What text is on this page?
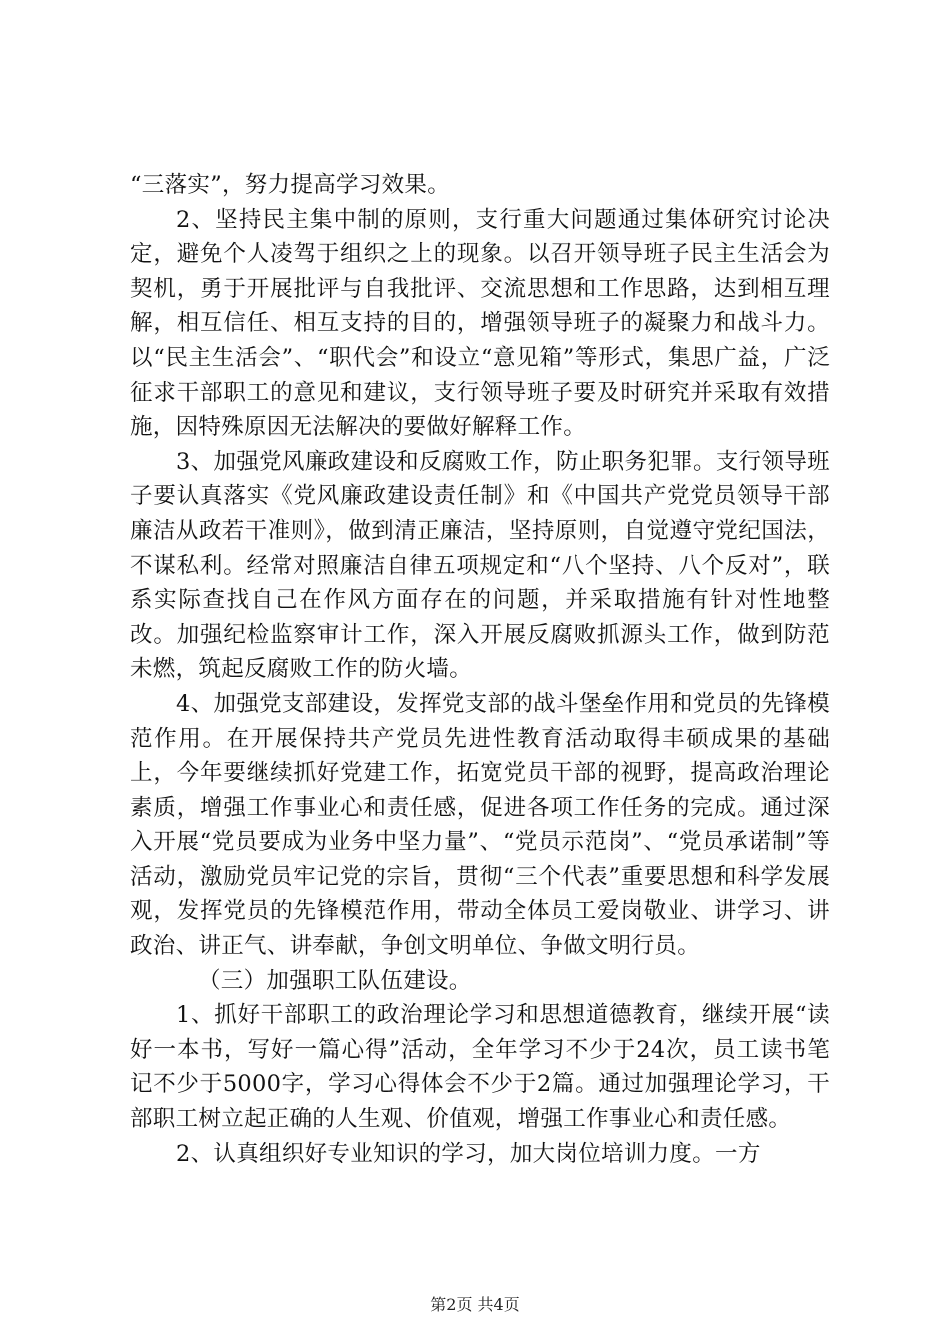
“三落实”，努力提高学习效果。

2、坚持民主集中制的原则，支行重大问题通过集体研究讨论决定，避免个人凌驾于组织之上的现象。以召开领导班子民主生活会为契机，勇于开展批评与自我批评、交流思想和工作思路，达到相互理解，相互信任、相互支持的目的，增强领导班子的凝聚力和战斗力。以“民主生活会”、“职代会”和设立“意见箱”等形式，集思广益，广泛征求干部职工的意见和建议，支行领导班子要及时研究并采取有效措施，因特殊原因无法解决的要做好解释工作。

3、加强党风廉政建设和反腐败工作，防止职务犯罪。支行领导班子要认真落实《党风廉政建设责任制》和《中国共产党党员领导干部廉洁从政若干准则》，做到清正廉洁，坚持原则，自觉遵守党纪国法，不谋私利。经常对照廉洁自律五项规定和“八个坚持、八个反对”，联系实际查找自己在作风方面存在的问题，并采取措施有针对性地整改。加强纪检监察审计工作，深入开展反腐败抓源头工作，做到防范未燃，筑起反腐败工作的防火墙。

4、加强党支部建设，发挥党支部的战斗堡垒作用和党员的先锋模范作用。在开展保持共产党员先进性教育活动取得丰硕成果的基础上，今年要继续抓好党建工作，拓宽党员干部的视野，提高政治理论素质，增强工作事业心和责任感，促进各项工作任务的完成。通过深入开展“党员要成为业务中坚力量”、“党员示范岗”、“党员承诺制”等活动，激励党员牢记党的宗旨，贯彻“三个代表”重要思想和科学发展观，发挥党员的先锋模范作用，带动全体员工爱岗敬业、讲学习、讲政治、讲正气、讲奉献，争创文明单位、争做文明行员。

（三）加强职工队伍建设。

1、抓好干部职工的政治理论学习和思想道德教育，继续开展“读好一本书，写好一篇心得”活动，全年学习不少于24次，员工读书笔记不少于5000字，学习心得体会不少于2篇。通过加强理论学习，干部职工树立起正确的人生观、价值观，增强工作事业心和责任感。

2、认真组织好专业知识的学习，加大岗位培训力度。一方

第2页 共4页
